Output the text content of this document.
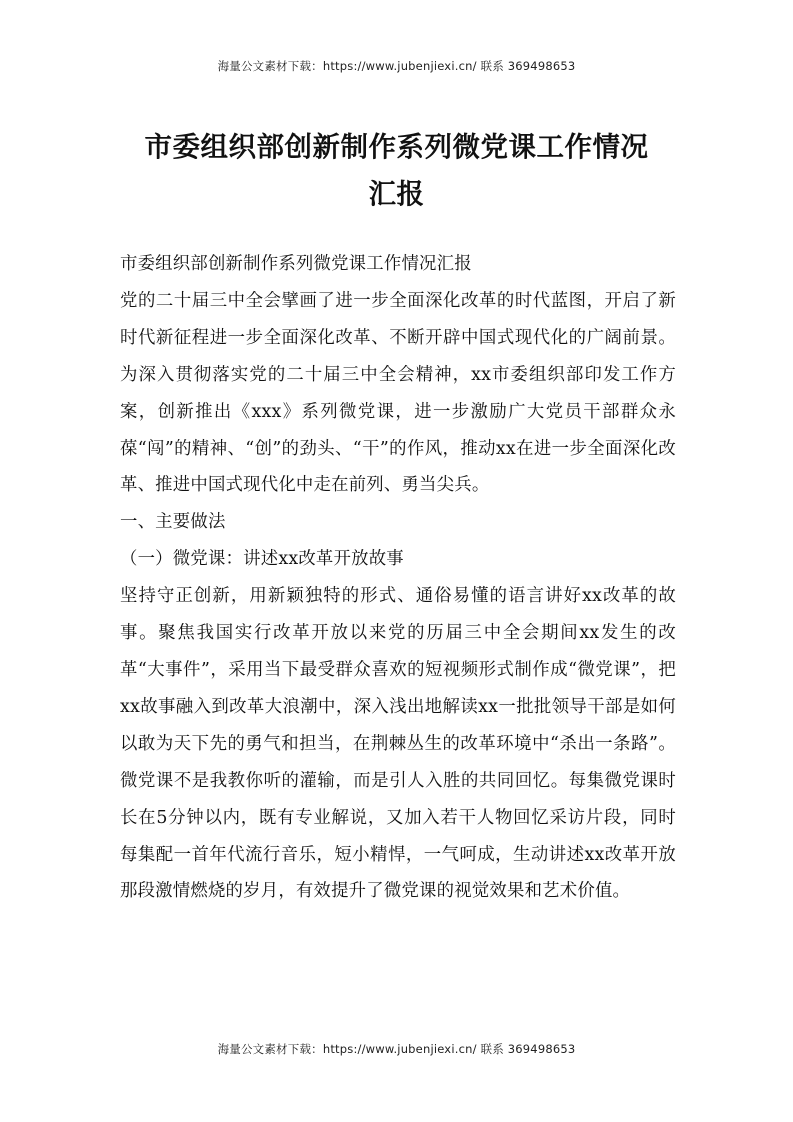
海量公文素材下载：https://www.jubenjiexi.cn/ 联系 369498653
市委组织部创新制作系列微党课工作情况
汇报

市委组织部创新制作系列微党课工作情况汇报

党的二十届三中全会擘画了进一步全面深化改革的时代蓝图，开启了新时代新征程进一步全面深化改革、不断开辟中国式现代化的广阔前景。为深入贯彻落实党的二十届三中全会精神，xx市委组织部印发工作方案，创新推出《xxx》系列微党课，进一步激励广大党员干部群众永葆“闯”的精神、“创”的劲头、“干”的作风，推动xx在进一步全面深化改革、推进中国式现代化中走在前列、勇当尖兵。

一、主要做法

（一）微党课：讲述xx改革开放故事

坚持守正创新，用新颖独特的形式、通俗易懂的语言讲好xx改革的故事。聚焦我国实行改革开放以来党的历届三中全会期间xx发生的改革“大事件”，采用当下最受群众喜欢的短视频形式制作成“微党课”，把xx故事融入到改革大浪潮中，深入浅出地解读xx一批批领导干部是如何以敢为天下先的勇气和担当，在荆棘丛生的改革环境中“杀出一条路”。微党课不是我教你听的灌输，而是引人入胜的共同回忆。每集微党课时长在5分钟以内，既有专业解说，又加入若干人物回忆采访片段，同时每集配一首年代流行音乐，短小精悍，一气呵成，生动讲述xx改革开放那段激情燃烧的岁月，有效提升了微党课的视觉效果和艺术价值。

海量公文素材下载：https://www.jubenjiexi.cn/ 联系 369498653
